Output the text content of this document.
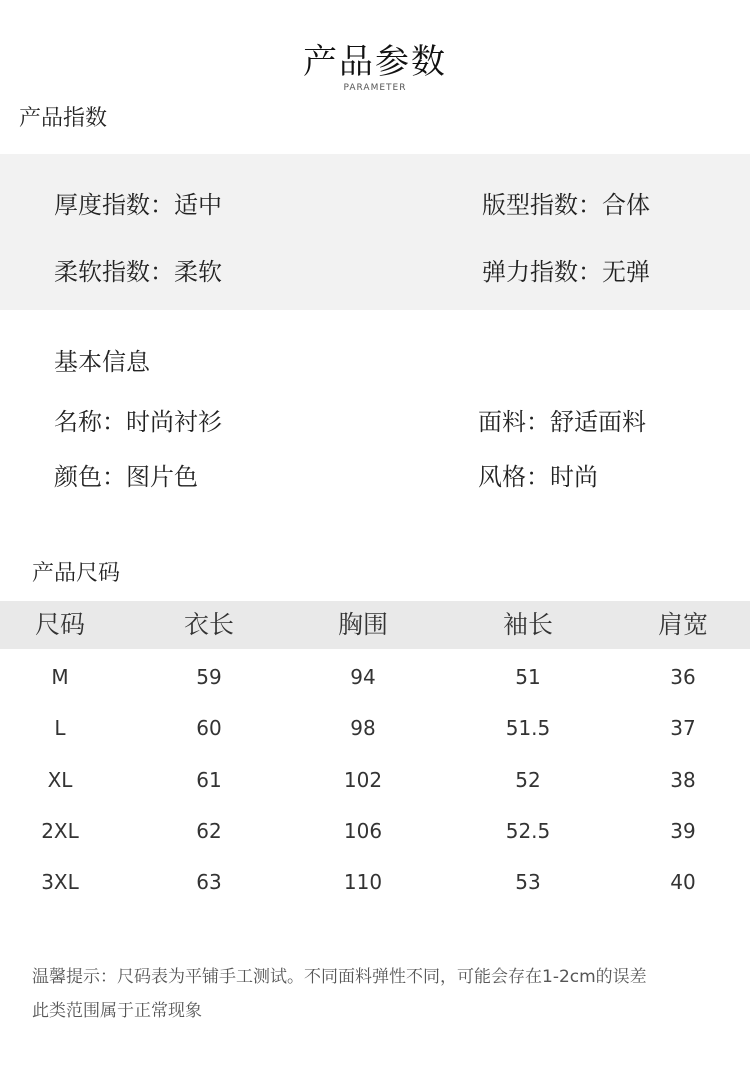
产品参数
PARAMETER
产品指数
厚度指数：适中	版型指数：合体
柔软指数：柔软	弹力指数：无弹
基本信息
名称：时尚衬衫	面料：舒适面料
颜色：图片色	风格：时尚
产品尺码
尺码	衣长	胸围	袖长	肩宽
M	59	94	51	36
L	60	98	51.5	37
XL	61	102	52	38
2XL	62	106	52.5	39
3XL	63	110	53	40
温馨提示：尺码表为平铺手工测试。不同面料弹性不同，可能会存在1-2cm的误差
此类范围属于正常现象
